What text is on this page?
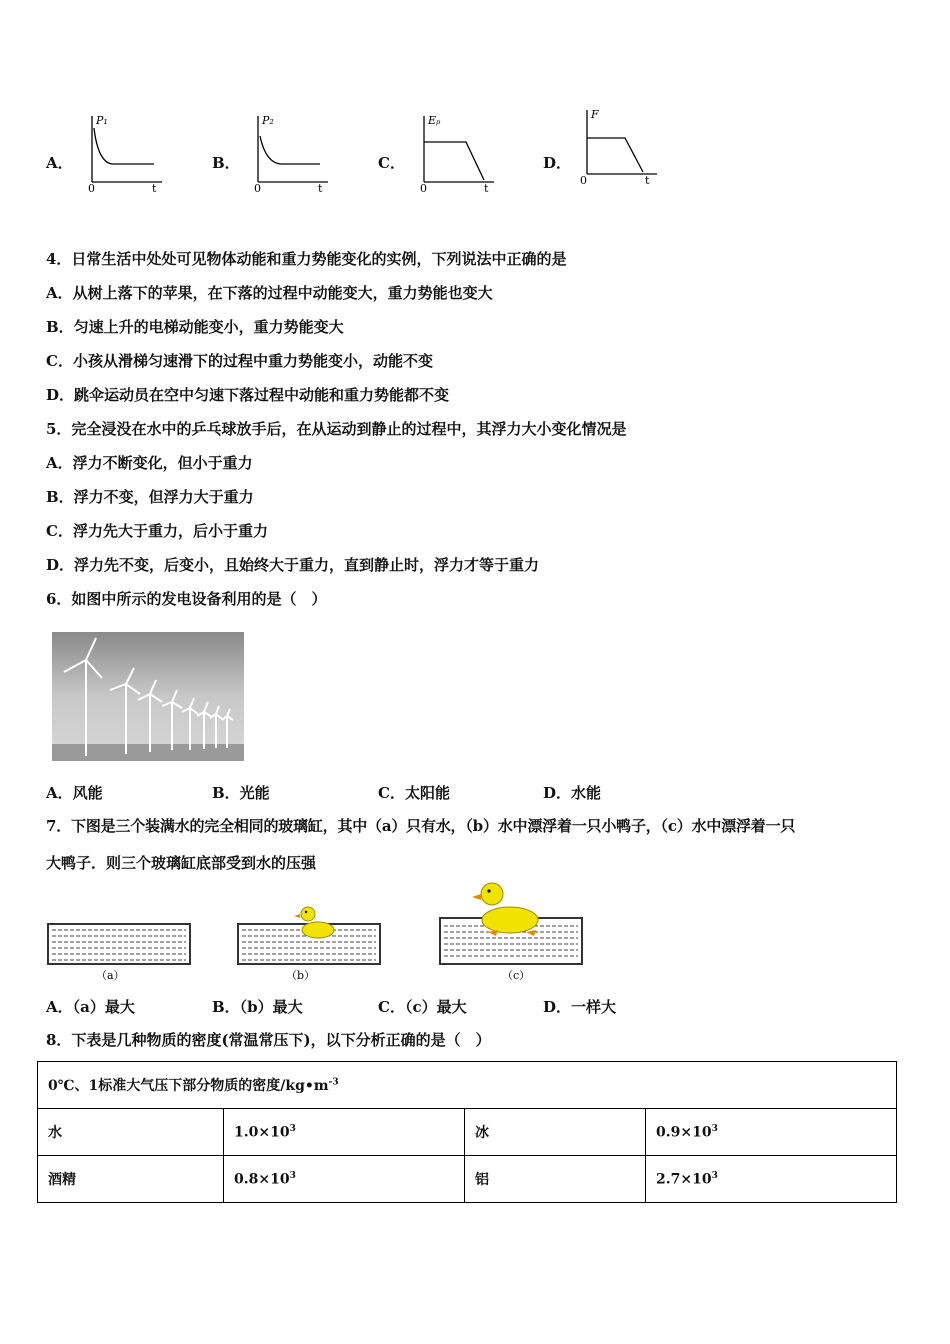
A．
P₁
0	t
B．
P₂
0	t
C．
Eₚ
0	t
D．
F
0	t
4．日常生活中处处可见物体动能和重力势能变化的实例，下列说法中正确的是
A．从树上落下的苹果，在下落的过程中动能变大，重力势能也变大
B．匀速上升的电梯动能变小，重力势能变大
C．小孩从滑梯匀速滑下的过程中重力势能变小，动能不变
D．跳伞运动员在空中匀速下落过程中动能和重力势能都不变
5．完全浸没在水中的乒乓球放手后，在从运动到静止的过程中，其浮力大小变化情况是
A．浮力不断变化，但小于重力
B．浮力不变，但浮力大于重力
C．浮力先大于重力，后小于重力
D．浮力先不变，后变小，且始终大于重力，直到静止时，浮力才等于重力
6．如图中所示的发电设备利用的是（　）
A．风能	B．光能	C．太阳能	D．水能
7．下图是三个装满水的完全相同的玻璃缸，其中（a）只有水，（b）水中漂浮着一只小鸭子，（c）水中漂浮着一只
大鸭子．则三个玻璃缸底部受到水的压强
（a）	（b）	（c）
A．（a）最大	B．（b）最大	C．（c）最大	D．一样大
8．下表是几种物质的密度(常温常压下)，以下分析正确的是（　）
0℃、1标准大气压下部分物质的密度$/kg•m^{-3}$
水	$1.0\times 10^3$	冰	$0.9\times 10^3$
酒精	$0.8\times 10^3$	铝	$2.7\times 10^3$
